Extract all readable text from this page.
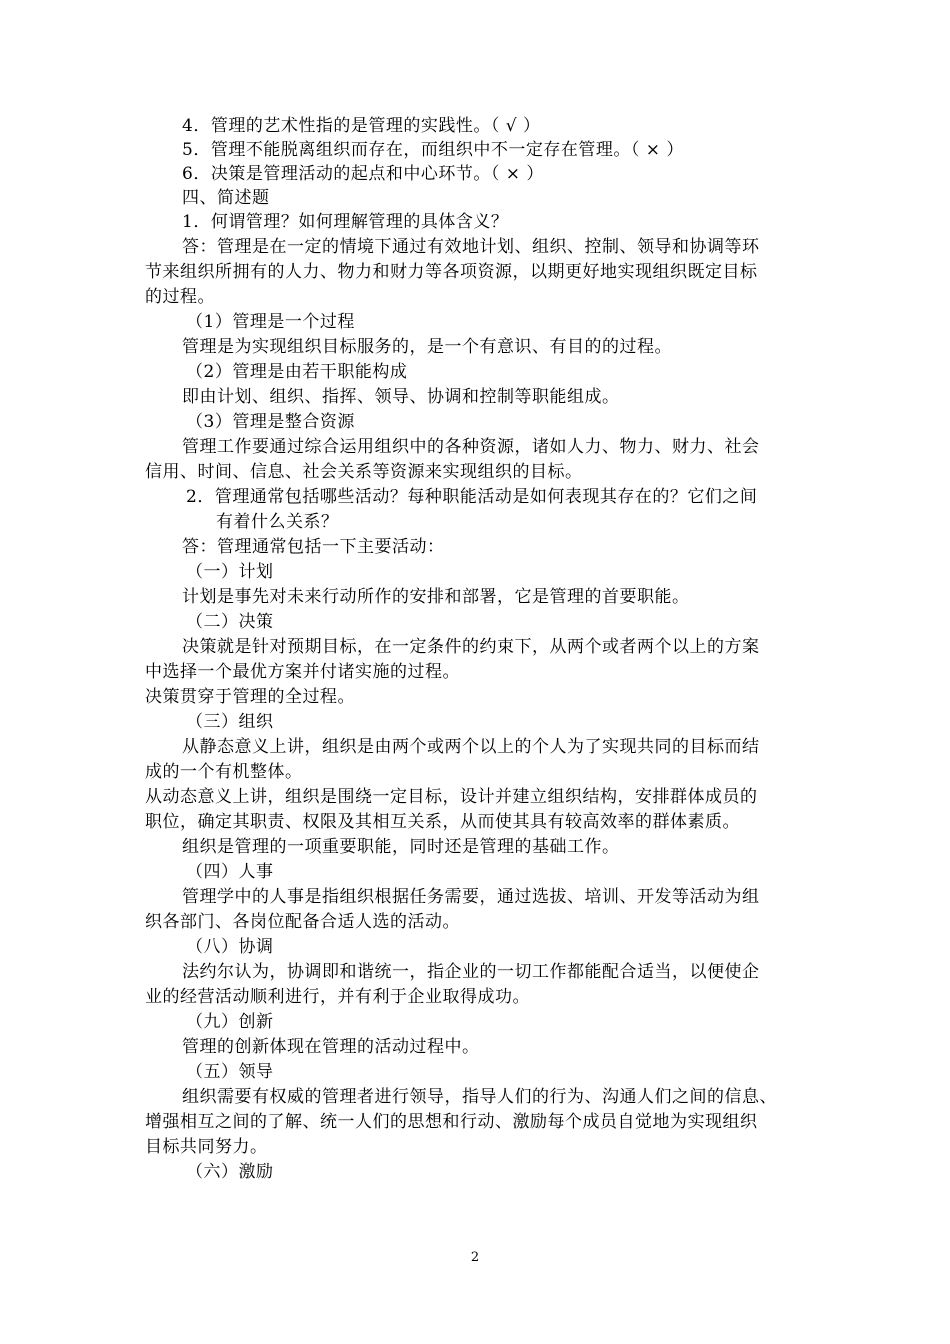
4．管理的艺术性指的是管理的实践性。（ √ ）
5．管理不能脱离组织而存在，而组织中不一定存在管理。（ × ）
6．决策是管理活动的起点和中心环节。（ × ）
四、简述题
1．何谓管理？如何理解管理的具体含义？
答：管理是在一定的情境下通过有效地计划、组织、控制、领导和协调等环
节来组织所拥有的人力、物力和财力等各项资源，以期更好地实现组织既定目标
的过程。
（1）管理是一个过程
管理是为实现组织目标服务的，是一个有意识、有目的的过程。
（2）管理是由若干职能构成
即由计划、组织、指挥、领导、协调和控制等职能组成。
（3）管理是整合资源
管理工作要通过综合运用组织中的各种资源，诸如人力、物力、财力、社会
信用、时间、信息、社会关系等资源来实现组织的目标。
2．管理通常包括哪些活动？每种职能活动是如何表现其存在的？它们之间
有着什么关系？
答：管理通常包括一下主要活动：
（一）计划
计划是事先对未来行动所作的安排和部署，它是管理的首要职能。
（二）决策
决策就是针对预期目标，在一定条件的约束下，从两个或者两个以上的方案
中选择一个最优方案并付诸实施的过程。
决策贯穿于管理的全过程。
（三）组织
从静态意义上讲，组织是由两个或两个以上的个人为了实现共同的目标而结
成的一个有机整体。
从动态意义上讲，组织是围绕一定目标，设计并建立组织结构，安排群体成员的
职位，确定其职责、权限及其相互关系，从而使其具有较高效率的群体素质。
组织是管理的一项重要职能，同时还是管理的基础工作。
（四）人事
管理学中的人事是指组织根据任务需要，通过选拔、培训、开发等活动为组
织各部门、各岗位配备合适人选的活动。
（八）协调
法约尔认为，协调即和谐统一，指企业的一切工作都能配合适当，以便使企
业的经营活动顺利进行，并有利于企业取得成功。
（九）创新
管理的创新体现在管理的活动过程中。
（五）领导
组织需要有权威的管理者进行领导，指导人们的行为、沟通人们之间的信息、
增强相互之间的了解、统一人们的思想和行动、激励每个成员自觉地为实现组织
目标共同努力。
（六）激励
2
